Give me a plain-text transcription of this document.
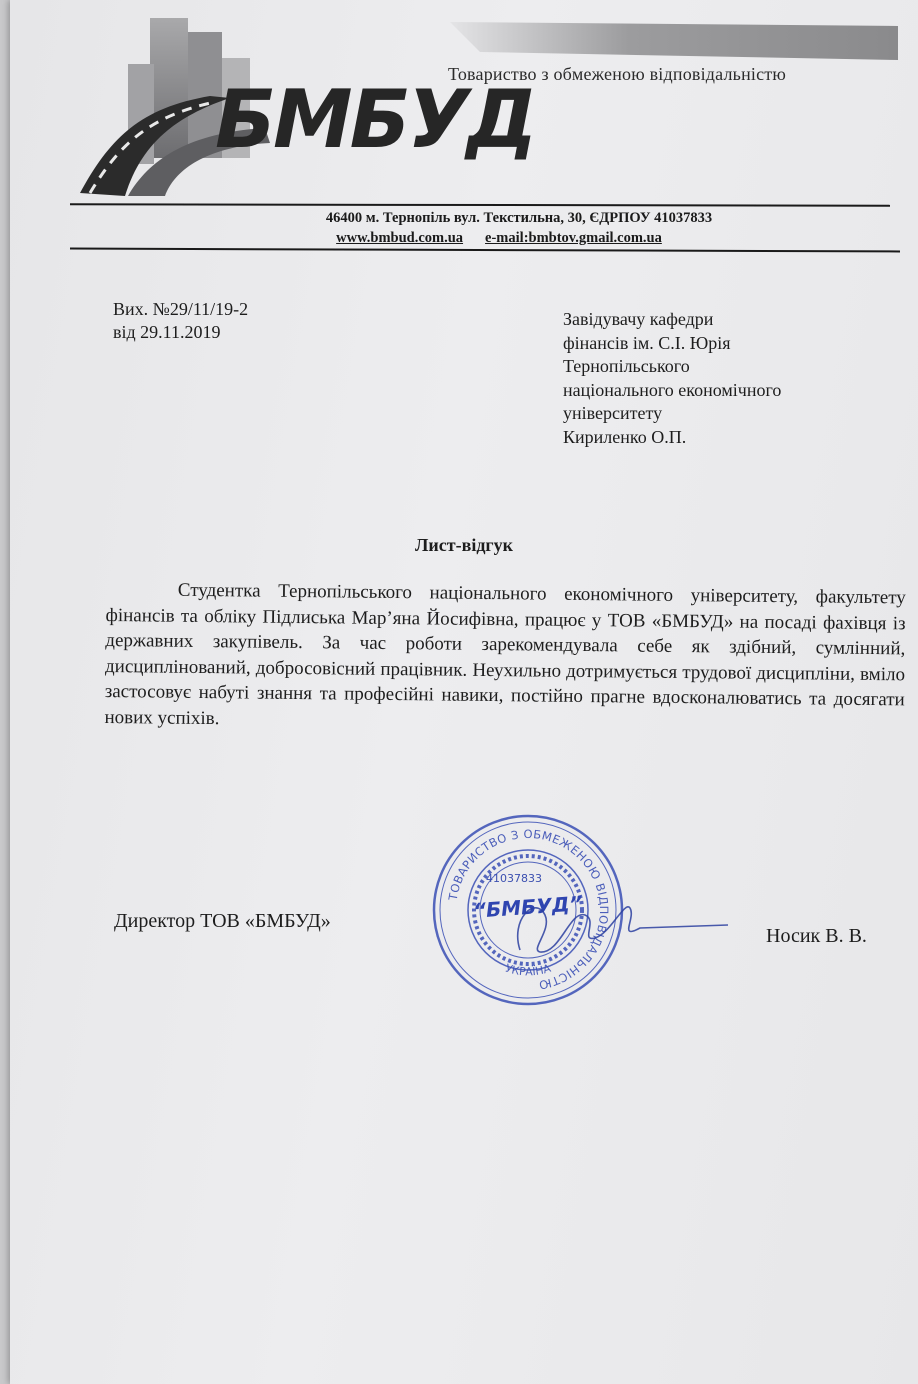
Товариство з обмеженою відповідальністю
БМБУД
46400 м. Тернопіль вул. Текстильна, 30, ЄДРПОУ 41037833
www.bmbud.com.ua e-mail:bmbtov.gmail.com.ua
Вих. №29/11/19-2
від 29.11.2019
Завідувачу кафедри
фінансів ім. С.І. Юрія
Тернопільського
національного економічного
університету
Кириленко О.П.
Лист-відгук
Студентка Тернопільського національного економічного університету, факультету фінансів та обліку Підлиська Мар’яна Йосифівна, працює у ТОВ «БМБУД» на посаді фахівця із державних закупівель. За час роботи зарекомендувала себе як здібний, сумлінний, дисциплінований, добросовісний працівник. Неухильно дотримується трудової дисципліни, вміло застосовує набуті знання та професійні навики, постійно прагне вдосконалюватись та досягати нових успіхів.
Директор ТОВ «БМБУД»
ТОВАРИСТВО З ОБМЕЖЕНОЮ ВІДПОВІДАЛЬНІСТЮ
УКРАЇНА
41037833
“БМБУД”
Носик В. В.
